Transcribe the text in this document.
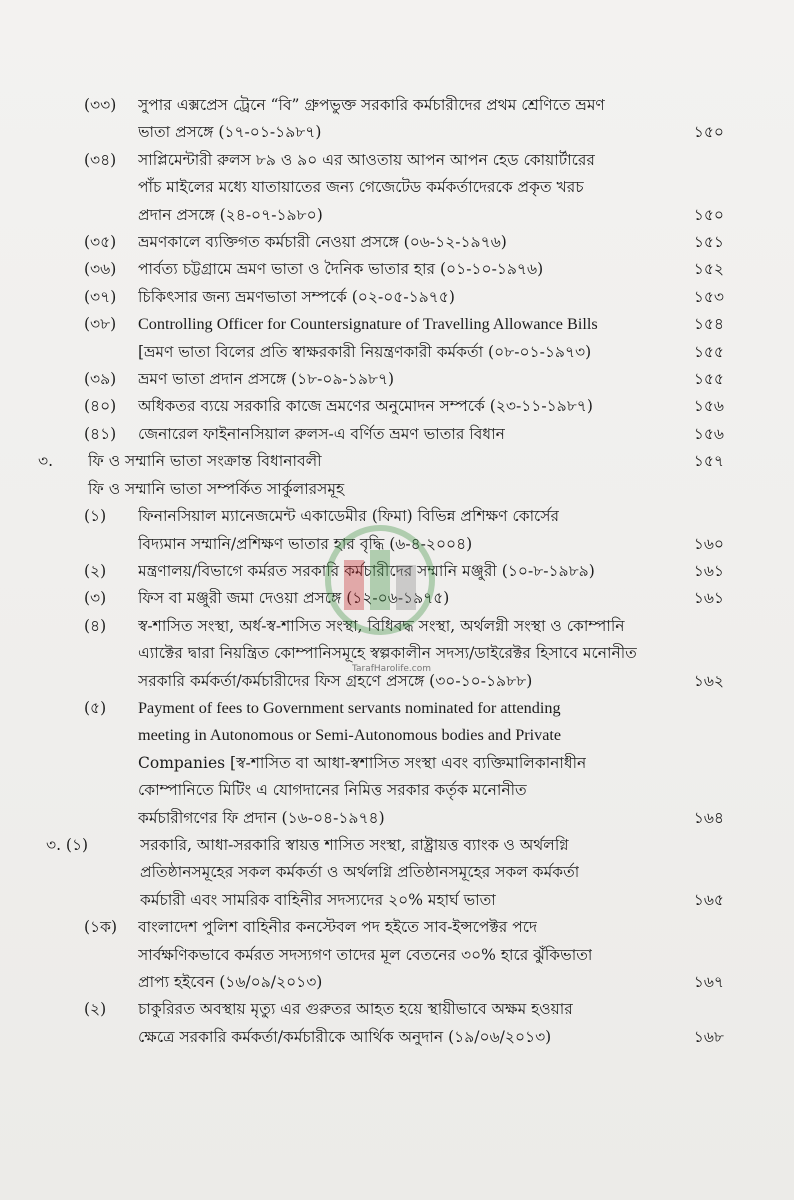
(৩৩)	সুপার এক্সপ্রেস ট্রেনে “বি” গ্রুপভুক্ত সরকারি কর্মচারীদের প্রথম শ্রেণিতে ভ্রমণ
ভাতা প্রসঙ্গে (১৭-০১-১৯৮৭)	১৫০
(৩৪)	সাপ্লিমেন্টারী রুলস ৮৯ ও ৯০ এর আওতায় আপন আপন হেড কোয়ার্টারের
পাঁচ মাইলের মধ্যে যাতায়াতের জন্য গেজেটেড কর্মকর্তাদেরকে প্রকৃত খরচ
প্রদান প্রসঙ্গে (২৪-০৭-১৯৮০)	১৫০
(৩৫)	ভ্রমণকালে ব্যক্তিগত কর্মচারী নেওয়া প্রসঙ্গে (০৬-১২-১৯৭৬)	১৫১
(৩৬)	পার্বত্য চট্টগ্রামে ভ্রমণ ভাতা ও দৈনিক ভাতার হার (০১-১০-১৯৭৬)	১৫২
(৩৭)	চিকিৎসার জন্য ভ্রমণভাতা সম্পর্কে (০২-০৫-১৯৭৫)	১৫৩
(৩৮)	Controlling Officer for Countersignature of Travelling Allowance Bills	১৫৪
[ভ্রমণ ভাতা বিলের প্রতি স্বাক্ষরকারী নিয়ন্ত্রণকারী কর্মকর্তা (০৮-০১-১৯৭৩)	১৫৫
(৩৯)	ভ্রমণ ভাতা প্রদান প্রসঙ্গে (১৮-০৯-১৯৮৭)	১৫৫
(৪০)	অধিকতর ব্যয়ে সরকারি কাজে ভ্রমণের অনুমোদন সম্পর্কে (২৩-১১-১৯৮৭)	১৫৬
(৪১)	জেনারেল ফাইনানসিয়াল রুলস-এ বর্ণিত ভ্রমণ ভাতার বিধান	১৫৬
৩.	ফি ও সম্মানি ভাতা সংক্রান্ত বিধানাবলী	১৫৭
ফি ও সম্মানি ভাতা সম্পর্কিত সার্কুলারসমূহ
(১)	ফিনানসিয়াল ম্যানেজমেন্ট একাডেমীর (ফিমা) বিভিন্ন প্রশিক্ষণ কোর্সের
বিদ্যমান সম্মানি/প্রশিক্ষণ ভাতার হার বৃদ্ধি (৬-৪-২০০৪)	১৬০
(২)	মন্ত্রণালয়/বিভাগে কর্মরত সরকারি কর্মচারীদের সম্মানি মঞ্জুরী (১০-৮-১৯৮৯)	১৬১
(৩)	ফিস বা মঞ্জুরী জমা দেওয়া প্রসঙ্গে (১২-০৬-১৯৭৫)	১৬১
(৪)	স্ব-শাসিত সংস্থা, অর্ধ-স্ব-শাসিত সংস্থা, বিধিবদ্ধ সংস্থা, অর্থলগ্নী সংস্থা ও কোম্পানি
এ্যাক্টের দ্বারা নিয়ন্ত্রিত কোম্পানিসমূহে স্বল্পকালীন সদস্য/ডাইরেক্টর হিসাবে মনোনীত
সরকারি কর্মকর্তা/কর্মচারীদের ফিস গ্রহণে প্রসঙ্গে (৩০-১০-১৯৮৮)	১৬২
(৫)	Payment of fees to Government servants nominated for attending
meeting in Autonomous or Semi-Autonomous bodies and Private
Companies [স্ব-শাসিত বা আধা-স্বশাসিত সংস্থা এবং ব্যক্তিমালিকানাধীন
কোম্পানিতে মিটিং এ যোগদানের নিমিত্ত সরকার কর্তৃক মনোনীত
কর্মচারীগণের ফি প্রদান (১৬-০৪-১৯৭৪)	১৬৪
৩. (১)	সরকারি, আধা-সরকারি স্বায়ত্ত শাসিত সংস্থা, রাষ্ট্রায়ত্ত ব্যাংক ও অর্থলগ্নি
প্রতিষ্ঠানসমূহের সকল কর্মকর্তা ও অর্থলগ্নি প্রতিষ্ঠানসমূহের সকল কর্মকর্তা
কর্মচারী এবং সামরিক বাহিনীর সদস্যদের ২০% মহার্ঘ ভাতা	১৬৫
(১ক)	বাংলাদেশ পুলিশ বাহিনীর কনস্টেবল পদ হইতে সাব-ইন্সপেক্টর পদে
সার্বক্ষণিকভাবে কর্মরত সদস্যগণ তাদের মূল বেতনের ৩০% হারে ঝুঁকিভাতা
প্রাপ্য হইবেন (১৬/০৯/২০১৩)	১৬৭
(২)	চাকুরিরত অবস্থায় মৃত্যু এর গুরুতর আহত হয়ে স্থায়ীভাবে অক্ষম হওয়ার
ক্ষেত্রে সরকারি কর্মকর্তা/কর্মচারীকে আর্থিক অনুদান (১৯/০৬/২০১৩)	১৬৮
TarafHarolife.com
